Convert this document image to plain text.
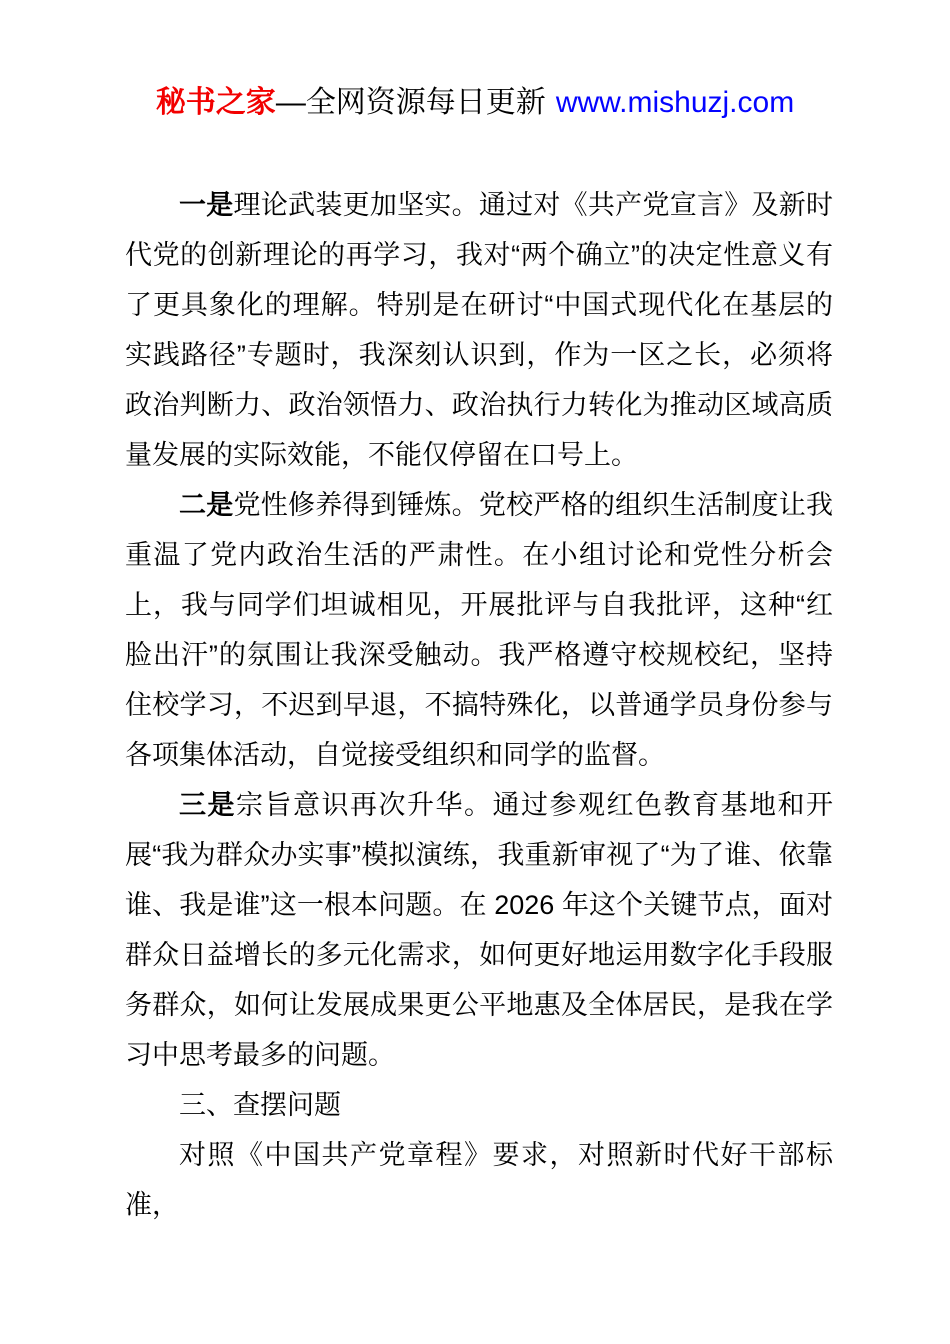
秘书之家—全网资源每日更新 www.mishuzj.com

一是理论武装更加坚实。通过对《共产党宣言》及新时代党的创新理论的再学习，我对“两个确立”的决定性意义有了更具象化的理解。特别是在研讨“中国式现代化在基层的实践路径”专题时，我深刻认识到，作为一区之长，必须将政治判断力、政治领悟力、政治执行力转化为推动区域高质量发展的实际效能，不能仅停留在口号上。

二是党性修养得到锤炼。党校严格的组织生活制度让我重温了党内政治生活的严肃性。在小组讨论和党性分析会上，我与同学们坦诚相见，开展批评与自我批评，这种“红脸出汗”的氛围让我深受触动。我严格遵守校规校纪，坚持住校学习，不迟到早退，不搞特殊化，以普通学员身份参与各项集体活动，自觉接受组织和同学的监督。

三是宗旨意识再次升华。通过参观红色教育基地和开展“我为群众办实事”模拟演练，我重新审视了“为了谁、依靠谁、我是谁”这一根本问题。在 2026 年这个关键节点，面对群众日益增长的多元化需求，如何更好地运用数字化手段服务群众，如何让发展成果更公平地惠及全体居民，是我在学习中思考最多的问题。

三、查摆问题

对照《中国共产党章程》要求，对照新时代好干部标准，
